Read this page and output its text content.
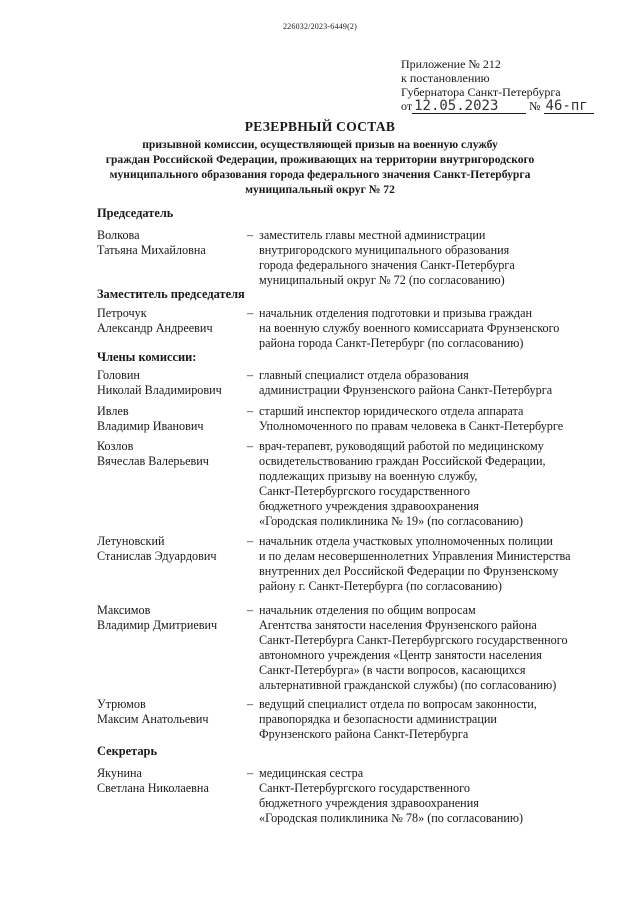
226032/2023-6449(2)
Приложение № 212
к постановлению
Губернатора Санкт-Петербурга
от 12.05.2023	№ 46-пг
РЕЗЕРВНЫЙ СОСТАВ
призывной комиссии, осуществляющей призыв на военную службу
граждан Российской Федерации, проживающих на территории внутригородского
муниципального образования города федерального значения Санкт-Петербурга
муниципальный округ № 72
Председатель
Волкова
Татьяна Михайловна
– заместитель главы местной администрации
внутригородского муниципального образования
города федерального значения Санкт-Петербурга
муниципальный округ № 72 (по согласованию)
Заместитель председателя
Петрочук
Александр Андреевич
– начальник отделения подготовки и призыва граждан
на военную службу военного комиссариата Фрунзенского
района города Санкт-Петербург (по согласованию)
Члены комиссии:
Головин
Николай Владимирович
– главный специалист отдела образования
администрации Фрунзенского района Санкт-Петербурга
Ивлев
Владимир Иванович
– старший инспектор юридического отдела аппарата
Уполномоченного по правам человека в Санкт-Петербурге
Козлов
Вячеслав Валерьевич
– врач-терапевт, руководящий работой по медицинскому
освидетельствованию граждан Российской Федерации,
подлежащих призыву на военную службу,
Санкт-Петербургского государственного
бюджетного учреждения здравоохранения
«Городская поликлиника № 19» (по согласованию)
Летуновский
Станислав Эдуардович
– начальник отдела участковых уполномоченных полиции
и по делам несовершеннолетних Управления Министерства
внутренних дел Российской Федерации по Фрунзенскому
району г. Санкт-Петербурга (по согласованию)
Максимов
Владимир Дмитриевич
– начальник отделения по общим вопросам
Агентства занятости населения Фрунзенского района
Санкт-Петербурга Санкт-Петербургского государственного
автономного учреждения «Центр занятости населения
Санкт-Петербурга» (в части вопросов, касающихся
альтернативной гражданской службы) (по согласованию)
Утрюмов
Максим Анатольевич
– ведущий специалист отдела по вопросам законности,
правопорядка и безопасности администрации
Фрунзенского района Санкт-Петербурга
Секретарь
Якунина
Светлана Николаевна
– медицинская сестра
Санкт-Петербургского государственного
бюджетного учреждения здравоохранения
«Городская поликлиника № 78» (по согласованию)
